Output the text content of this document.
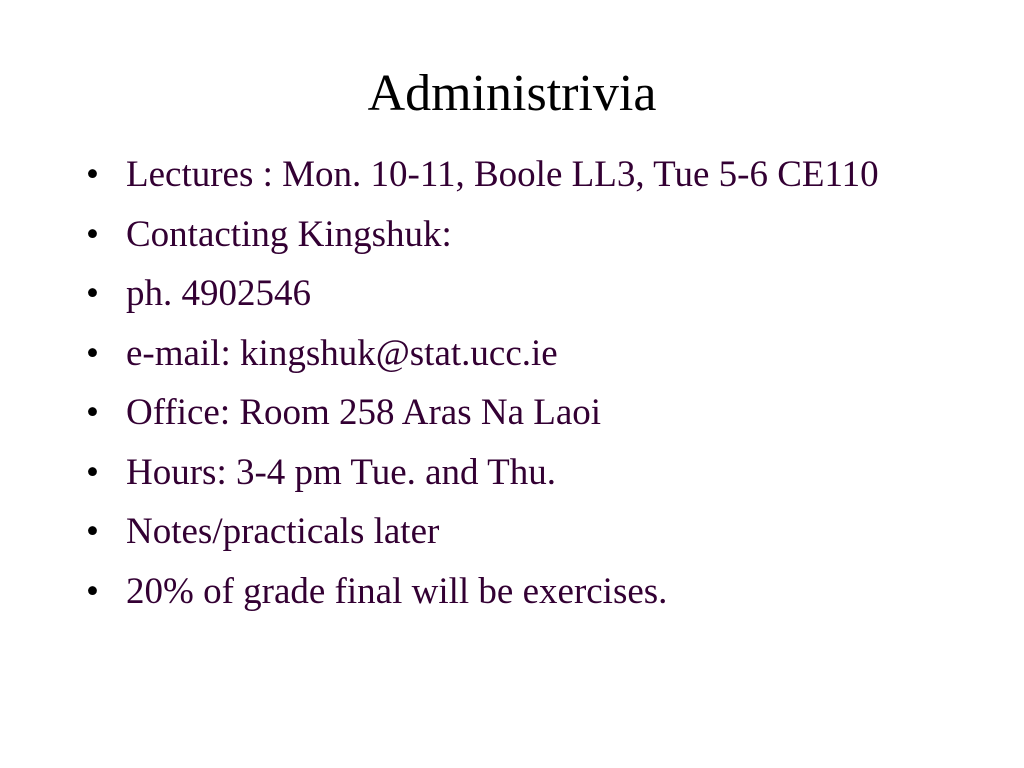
Administrivia
• Lectures : Mon. 10-11, Boole LL3, Tue 5-6 CE110
• Contacting Kingshuk:
• ph. 4902546
• e-mail: kingshuk@stat.ucc.ie
• Office: Room 258 Aras Na Laoi
• Hours: 3-4 pm Tue. and Thu.
• Notes/practicals later
• 20% of grade final will be exercises.
